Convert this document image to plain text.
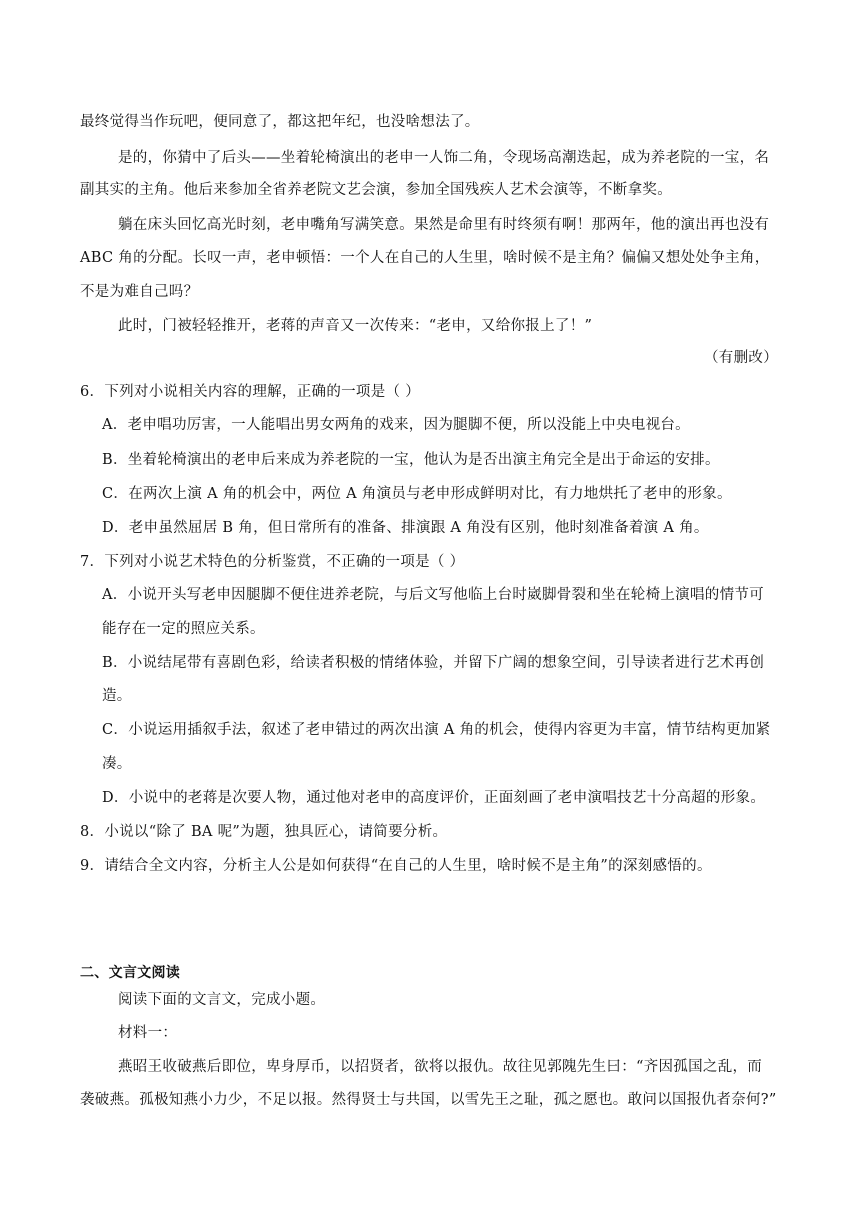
最终觉得当作玩吧，便同意了，都这把年纪，也没啥想法了。
是的，你猜中了后头——坐着轮椅演出的老申一人饰二角，令现场高潮迭起，成为养老院的一宝，名
副其实的主角。他后来参加全省养老院文艺会演，参加全国残疾人艺术会演等，不断拿奖。
躺在床头回忆高光时刻，老申嘴角写满笑意。果然是命里有时终须有啊！那两年，他的演出再也没有
ABC 角的分配。长叹一声，老申顿悟：一个人在自己的人生里，啥时候不是主角？偏偏又想处处争主角，
不是为难自己吗？
此时，门被轻轻推开，老蒋的声音又一次传来：“老申，又给你报上了！”
（有删改）
6．下列对小说相关内容的理解，正确的一项是（ ）
A．老申唱功厉害，一人能唱出男女两角的戏来，因为腿脚不便，所以没能上中央电视台。
B．坐着轮椅演出的老申后来成为养老院的一宝，他认为是否出演主角完全是出于命运的安排。
C．在两次上演 A 角的机会中，两位 A 角演员与老申形成鲜明对比，有力地烘托了老申的形象。
D．老申虽然屈居 B 角，但日常所有的准备、排演跟 A 角没有区别，他时刻准备着演 A 角。
7．下列对小说艺术特色的分析鉴赏，不正确的一项是（ ）
A．小说开头写老申因腿脚不便住进养老院，与后文写他临上台时崴脚骨裂和坐在轮椅上演唱的情节可
能存在一定的照应关系。
B．小说结尾带有喜剧色彩，给读者积极的情绪体验，并留下广阔的想象空间，引导读者进行艺术再创
造。
C．小说运用插叙手法，叙述了老申错过的两次出演 A 角的机会，使得内容更为丰富，情节结构更加紧
凑。
D．小说中的老蒋是次要人物，通过他对老申的高度评价，正面刻画了老申演唱技艺十分高超的形象。
8．小说以“除了 BA 呢”为题，独具匠心，请简要分析。
9．请结合全文内容，分析主人公是如何获得“在自己的人生里，啥时候不是主角”的深刻感悟的。
二、文言文阅读
阅读下面的文言文，完成小题。
材料一：
燕昭王收破燕后即位，卑身厚币，以招贤者，欲将以报仇。故往见郭隗先生曰：“齐因孤国之乱，而
袭破燕。孤极知燕小力少，不足以报。然得贤士与共国，以雪先王之耻，孤之愿也。敢问以国报仇者奈何?”
